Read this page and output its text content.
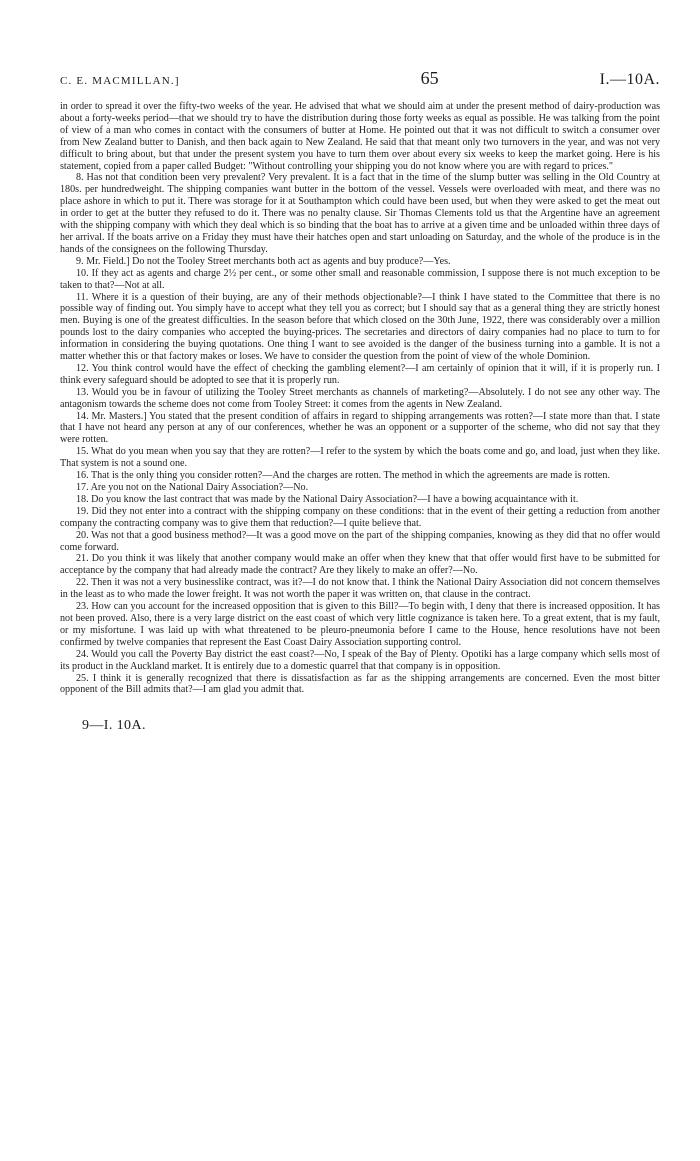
C. E. MACMILLAN.]	65	I.—10A.

in order to spread it over the fifty-two weeks of the year. He advised that what we should aim at under the present method of dairy-production was about a forty-weeks period—that we should try to have the distribution during those forty weeks as equal as possible. He was talking from the point of view of a man who comes in contact with the consumers of butter at Home. He pointed out that it was not difficult to switch a consumer over from New Zealand butter to Danish, and then back again to New Zealand. He said that that meant only two turnovers in the year, and was not very difficult to bring about, but that under the present system you have to turn them over about every six weeks to keep the market going. Here is his statement, copied from a paper called Budget: "Without controlling your shipping you do not know where you are with regard to prices."

8. Has not that condition been very prevalent? Very prevalent. It is a fact that in the time of the slump butter was selling in the Old Country at 180s. per hundredweight. The shipping companies want butter in the bottom of the vessel. Vessels were overloaded with meat, and there was no place ashore in which to put it. There was storage for it at Southampton which could have been used, but when they were asked to get the meat out in order to get at the butter they refused to do it. There was no penalty clause. Sir Thomas Clements told us that the Argentine have an agreement with the shipping company with which they deal which is so binding that the boat has to arrive at a given time and be unloaded within three days of her arrival. If the boats arrive on a Friday they must have their hatches open and start unloading on Saturday, and the whole of the produce is in the hands of the consignees on the following Thursday.

9. Mr. Field.] Do not the Tooley Street merchants both act as agents and buy produce?—Yes.

10. If they act as agents and charge 2½ per cent., or some other small and reasonable commission, I suppose there is not much exception to be taken to that?—Not at all.

11. Where it is a question of their buying, are any of their methods objectionable?—I think I have stated to the Committee that there is no possible way of finding out. You simply have to accept what they tell you as correct; but I should say that as a general thing they are strictly honest men. Buying is one of the greatest difficulties. In the season before that which closed on the 30th June, 1922, there was considerably over a million pounds lost to the dairy companies who accepted the buying-prices. The secretaries and directors of dairy companies had no place to turn to for information in considering the buying quotations. One thing I want to see avoided is the danger of the business turning into a gamble. It is not a matter whether this or that factory makes or loses. We have to consider the question from the point of view of the whole Dominion.

12. You think control would have the effect of checking the gambling element?—I am certainly of opinion that it will, if it is properly run. I think every safeguard should be adopted to see that it is properly run.

13. Would you be in favour of utilizing the Tooley Street merchants as channels of marketing?—Absolutely. I do not see any other way. The antagonism towards the scheme does not come from Tooley Street: it comes from the agents in New Zealand.

14. Mr. Masters.] You stated that the present condition of affairs in regard to shipping arrangements was rotten?—I state more than that. I state that I have not heard any person at any of our conferences, whether he was an opponent or a supporter of the scheme, who did not say that they were rotten.

15. What do you mean when you say that they are rotten?—I refer to the system by which the boats come and go, and load, just when they like. That system is not a sound one.

16. That is the only thing you consider rotten?—And the charges are rotten. The method in which the agreements are made is rotten.

17. Are you not on the National Dairy Association?—No.

18. Do you know the last contract that was made by the National Dairy Association?—I have a bowing acquaintance with it.

19. Did they not enter into a contract with the shipping company on these conditions: that in the event of their getting a reduction from another company the contracting company was to give them that reduction?—I quite believe that.

20. Was not that a good business method?—It was a good move on the part of the shipping companies, knowing as they did that no offer would come forward.

21. Do you think it was likely that another company would make an offer when they knew that that offer would first have to be submitted for acceptance by the company that had already made the contract? Are they likely to make an offer?—No.

22. Then it was not a very businesslike contract, was it?—I do not know that. I think the National Dairy Association did not concern themselves in the least as to who made the lower freight. It was not worth the paper it was written on, that clause in the contract.

23. How can you account for the increased opposition that is given to this Bill?—To begin with, I deny that there is increased opposition. It has not been proved. Also, there is a very large district on the east coast of which very little cognizance is taken here. To a great extent, that is my fault, or my misfortune. I was laid up with what threatened to be pleuro-pneumonia before I came to the House, hence resolutions have not been confirmed by twelve companies that represent the East Coast Dairy Association supporting control.

24. Would you call the Poverty Bay district the east coast?—No, I speak of the Bay of Plenty. Opotiki has a large company which sells most of its product in the Auckland market. It is entirely due to a domestic quarrel that that company is in opposition.

25. I think it is generally recognized that there is dissatisfaction as far as the shipping arrangements are concerned. Even the most bitter opponent of the Bill admits that?—I am glad you admit that.

9—I. 10A.
